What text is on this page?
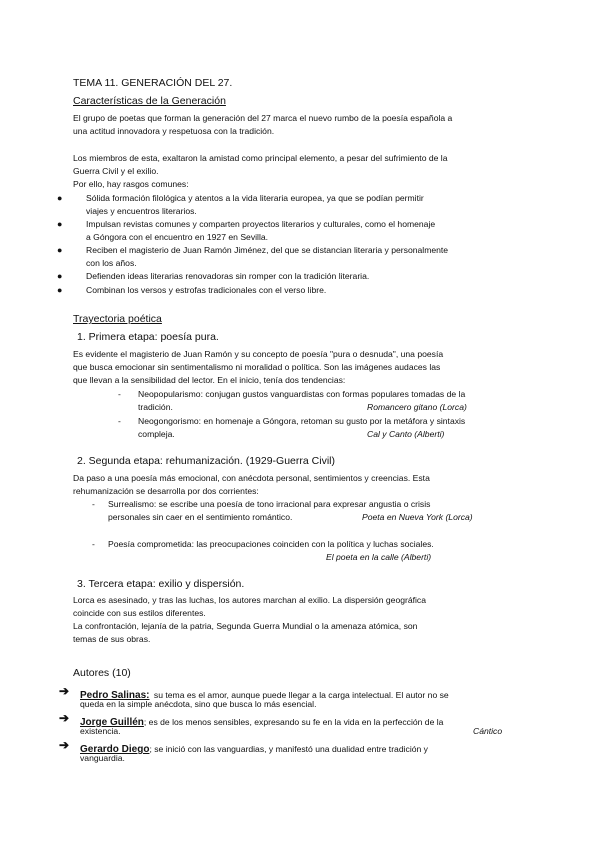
TEMA 11. GENERACIÓN DEL 27.
Características de la Generación
El grupo de poetas que forman la generación del 27 marca el nuevo rumbo de la poesía española a
una actitud innovadora y respetuosa con la tradición.
Los miembros de esta, exaltaron la amistad como principal elemento, a pesar del sufrimiento de la
Guerra Civil y el exilio.
Por ello, hay rasgos comunes:
●	Sólida formación filológica y atentos a la vida literaria europea, ya que se podían permitir
viajes y encuentros literarios.
●	Impulsan revistas comunes y comparten proyectos literarios y culturales, como el homenaje
a Góngora con el encuentro en 1927 en Sevilla.
●	Reciben el magisterio de Juan Ramón Jiménez, del que se distancian literaria y personalmente
con los años.
●	Defienden ideas literarias renovadoras sin romper con la tradición literaria.
●	Combinan los versos y estrofas tradicionales con el verso libre.
Trayectoria poética
1. Primera etapa: poesía pura.
Es evidente el magisterio de Juan Ramón y su concepto de poesía "pura o desnuda", una poesía
que busca emocionar sin sentimentalismo ni moralidad o política. Son las imágenes audaces las
que llevan a la sensibilidad del lector. En el inicio, tenía dos tendencias:
- Neopopularismo: conjugan gustos vanguardistas con formas populares tomadas de la
tradición.	Romancero gitano (Lorca)
- Neogongorismo: en homenaje a Góngora, retoman su gusto por la metáfora y sintaxis
compleja.	Cal y Canto (Alberti)
2. Segunda etapa: rehumanización. (1929-Guerra Civil)
Da paso a una poesía más emocional, con anécdota personal, sentimientos y creencias. Esta
rehumanización se desarrolla por dos corrientes:
- Surrealismo: se escribe una poesía de tono irracional para expresar angustia o crisis
personales sin caer en el sentimiento romántico.	Poeta en Nueva York (Lorca)
- Poesía comprometida: las preocupaciones coinciden con la política y luchas sociales.
El poeta en la calle (Alberti)
3. Tercera etapa: exilio y dispersión.
Lorca es asesinado, y tras las luchas, los autores marchan al exilio. La dispersión geográfica
coincide con sus estilos diferentes.
La confrontación, lejanía de la patria, Segunda Guerra Mundial o la amenaza atómica, son
temas de sus obras.
Autores (10)
➔ Pedro Salinas: su tema es el amor, aunque puede llegar a la carga intelectual. El autor no se
queda en la simple anécdota, sino que busca lo más esencial.
➔ Jorge Guillén; es de los menos sensibles, expresando su fe en la vida en la perfección de la
existencia.	Cántico
➔ Gerardo Diego; se inició con las vanguardias, y manifestó una dualidad entre tradición y
vanguardia.
